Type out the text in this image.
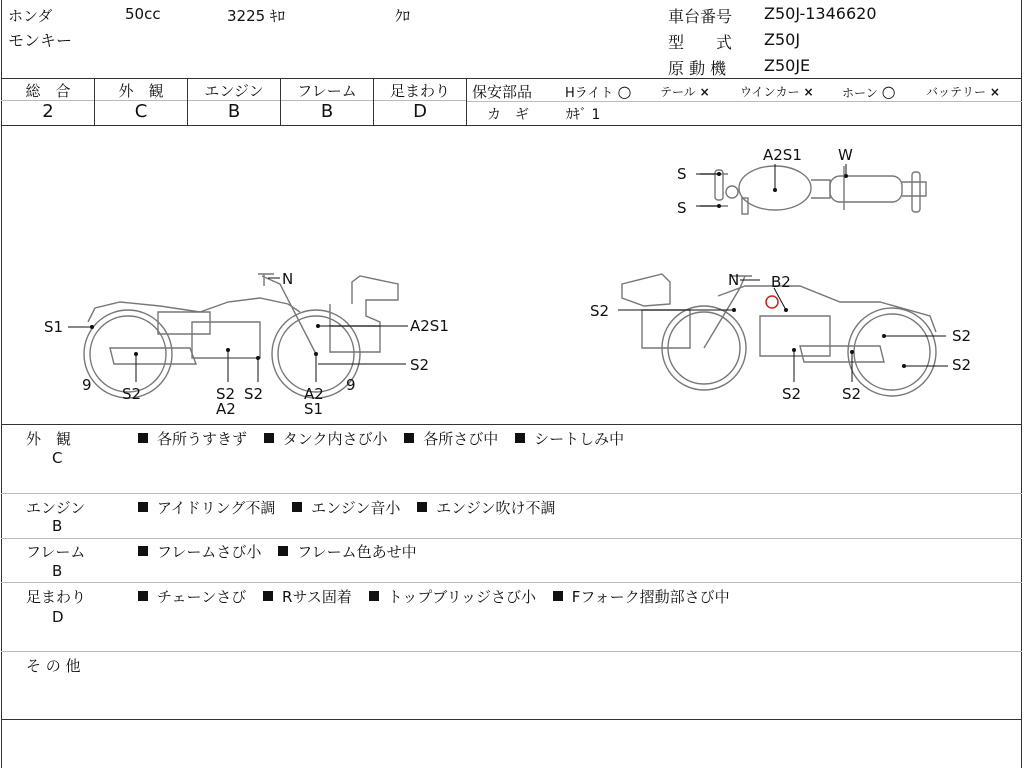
ホンダ	50cc	3225 ｷﾛ	ｸﾛ
モンキー
車台番号 Z50J-1346620
型　　式 Z50J
原 動 機 Z50JE
総　合	外　観	エンジン	フレーム	足まわり
2	C	B	B	D
保安部品	Hライト ○ テール ×	ウインカー × ホーン ○	バッテリー ×
カ　ギ	ｶｷﾞ 1
S
S
A2S1 W
N
S1	A2S1
S2
9 S2	S2 S2	A2
A2	S1
9
N B2
S2
S2
S2
S2	S2
外　観
C
各所うすきず タンク内さび小 各所さび中 シートしみ中
エンジン
B
アイドリング不調 エンジン音小 エンジン吹け不調
フレーム
B
フレームさび小 フレーム色あせ中
足まわり
D
チェーンさび Rサス固着 トップブリッジさび小 Fフォーク摺動部さび中
そ の 他
